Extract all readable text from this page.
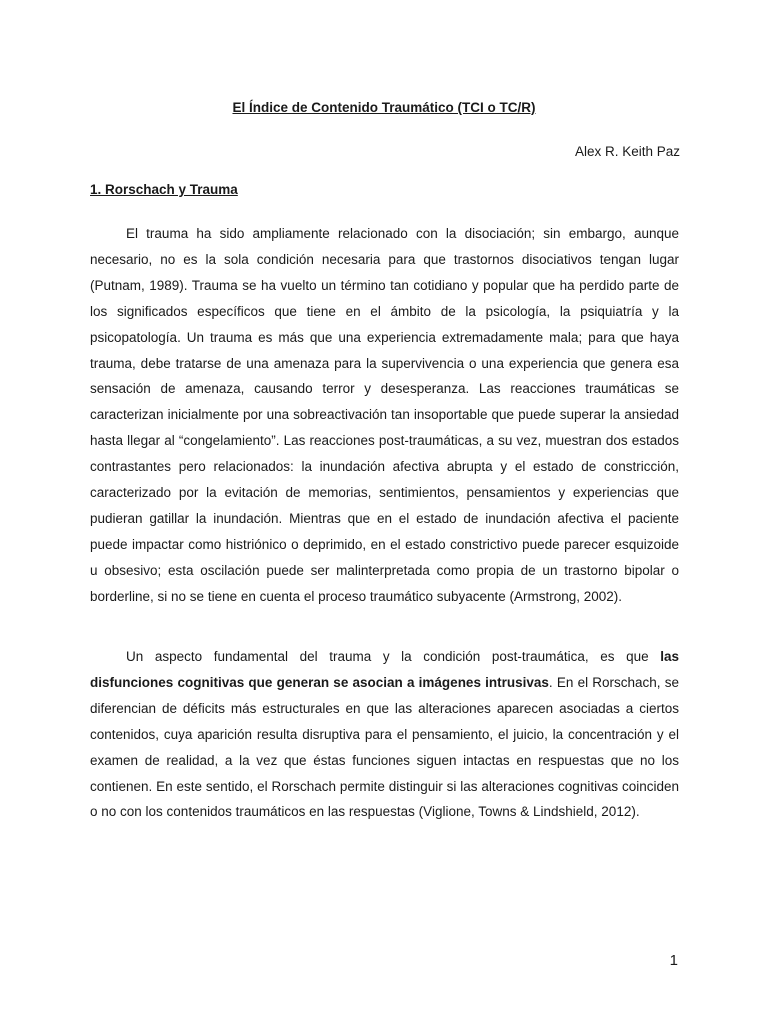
El Índice de Contenido Traumático (TCI o TC/R)
Alex R. Keith Paz
1. Rorschach y Trauma

El trauma ha sido ampliamente relacionado con la disociación; sin embargo, aunque necesario, no es la sola condición necesaria para que trastornos disociativos tengan lugar (Putnam, 1989). Trauma se ha vuelto un término tan cotidiano y popular que ha perdido parte de los significados específicos que tiene en el ámbito de la psicología, la psiquiatría y la psicopatología. Un trauma es más que una experiencia extremadamente mala; para que haya trauma, debe tratarse de una amenaza para la supervivencia o una experiencia que genera esa sensación de amenaza, causando terror y desesperanza. Las reacciones traumáticas se caracterizan inicialmente por una sobreactivación tan insoportable que puede superar la ansiedad hasta llegar al “congelamiento”. Las reacciones post-traumáticas, a su vez, muestran dos estados contrastantes pero relacionados: la inundación afectiva abrupta y el estado de constricción, caracterizado por la evitación de memorias, sentimientos, pensamientos y experiencias que pudieran gatillar la inundación. Mientras que en el estado de inundación afectiva el paciente puede impactar como histriónico o deprimido, en el estado constrictivo puede parecer esquizoide u obsesivo; esta oscilación puede ser malinterpretada como propia de un trastorno bipolar o borderline, si no se tiene en cuenta el proceso traumático subyacente (Armstrong, 2002).

Un aspecto fundamental del trauma y la condición post-traumática, es que las disfunciones cognitivas que generan se asocian a imágenes intrusivas. En el Rorschach, se diferencian de déficits más estructurales en que las alteraciones aparecen asociadas a ciertos contenidos, cuya aparición resulta disruptiva para el pensamiento, el juicio, la concentración y el examen de realidad, a la vez que éstas funciones siguen intactas en respuestas que no los contienen. En este sentido, el Rorschach permite distinguir si las alteraciones cognitivas coinciden o no con los contenidos traumáticos en las respuestas (Viglione, Towns & Lindshield, 2012).

1
